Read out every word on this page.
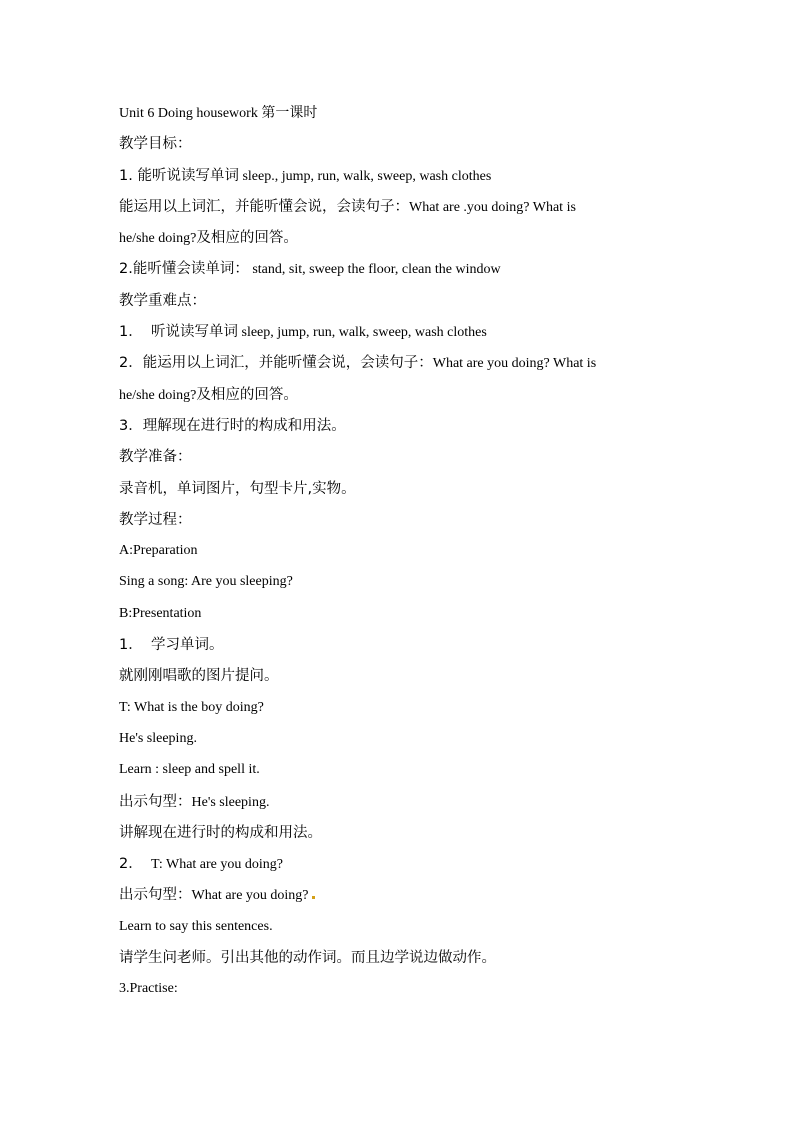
Unit 6 Doing housework 第一课时
教学目标：
1. 能听说读写单词 sleep., jump, run, walk, sweep, wash clothes
能运用以上词汇，并能听懂会说，会读句子：What are .you doing? What is
he/she doing?及相应的回答。
2.能听懂会读单词： stand, sit, sweep the floor, clean the window
教学重难点：
1． 听说读写单词 sleep, jump, run, walk, sweep, wash clothes
2．能运用以上词汇，并能听懂会说，会读句子：What are you doing? What is
he/she doing?及相应的回答。
3．理解现在进行时的构成和用法。
教学准备：
录音机，单词图片，句型卡片,实物。
教学过程：
A:Preparation
Sing a song: Are you sleeping?
B:Presentation
1． 学习单词。
就刚刚唱歌的图片提问。
T: What is the boy doing?
He's sleeping.
Learn : sleep and spell it.
出示句型：He's sleeping.
讲解现在进行时的构成和用法。
2． T: What are you doing?
出示句型：What are you doing?
Learn to say this sentences.
请学生问老师。引出其他的动作词。而且边学说边做动作。
3.Practise:
